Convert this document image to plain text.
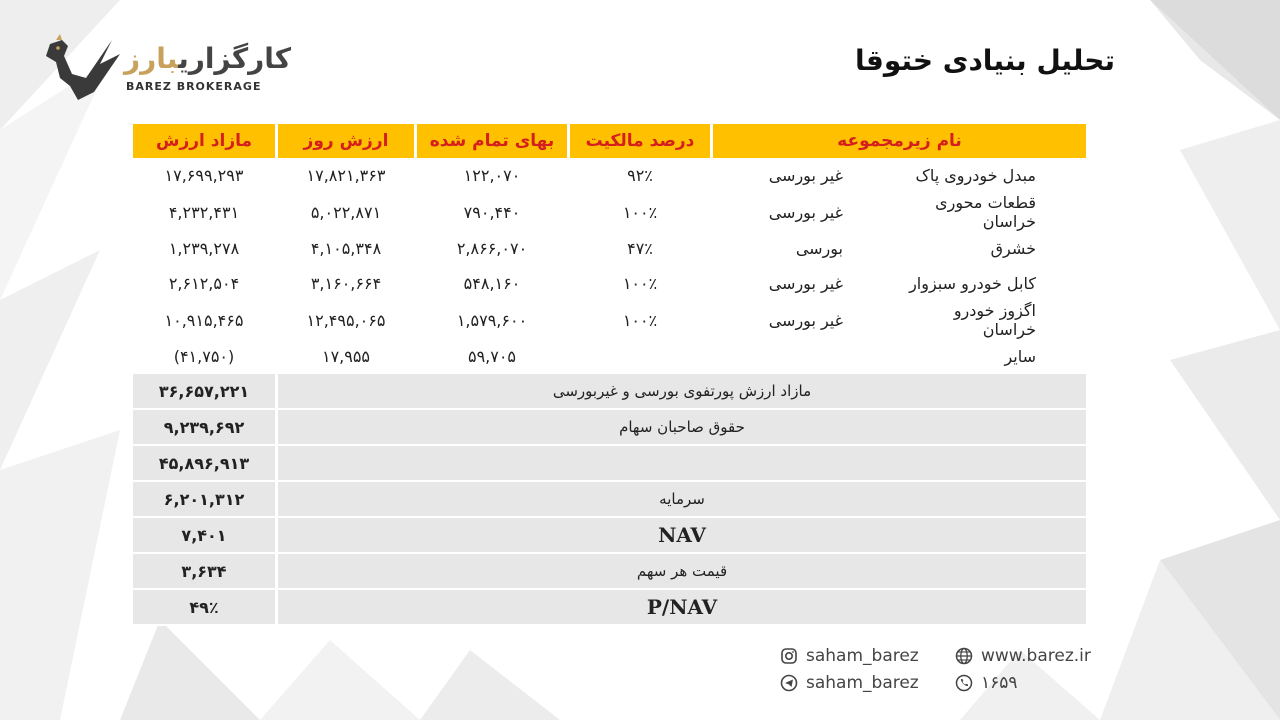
کارگزاریبارز
BAREZ BROKERAGE
تحلیل بنیادی ختوقا
مازاد ارزش	ارزش روز	بهای تمام شده	درصد مالکیت	نام زیرمجموعه	
۱۷,۶۹۹,۲۹۳	۱۷,۸۲۱,۳۶۳	۱۲۲,۰۷۰	۹۲٪	غیر بورسی	مبدل خودروی پاک
۴,۲۳۲,۴۳۱	۵,۰۲۲,۸۷۱	۷۹۰,۴۴۰	۱۰۰٪	غیر بورسی	قطعات محوری خراسان
۱,۲۳۹,۲۷۸	۴,۱۰۵,۳۴۸	۲,۸۶۶,۰۷۰	۴۷٪	بورسی	خشرق
۲,۶۱۲,۵۰۴	۳,۱۶۰,۶۶۴	۵۴۸,۱۶۰	۱۰۰٪	غیر بورسی	کابل خودرو سبزوار
۱۰,۹۱۵,۴۶۵	۱۲,۴۹۵,۰۶۵	۱,۵۷۹,۶۰۰	۱۰۰٪	غیر بورسی	اگزوز خودرو خراسان
(۴۱,۷۵۰)	۱۷,۹۵۵	۵۹,۷۰۵			سایر
۳۶,۶۵۷,۲۲۱	مازاد ارزش پورتفوی بورسی و غیربورسی				
۹,۲۳۹,۶۹۲	حقوق صاحبان سهام				
۴۵,۸۹۶,۹۱۳					
۶,۲۰۱,۳۱۲	سرمایه				
۷,۴۰۱	NAV				
۳,۶۳۴	قیمت هر سهم				
۴۹٪	P/NAV				
saham_barez
saham_barez
www.barez.ir
۱۶۵۹
